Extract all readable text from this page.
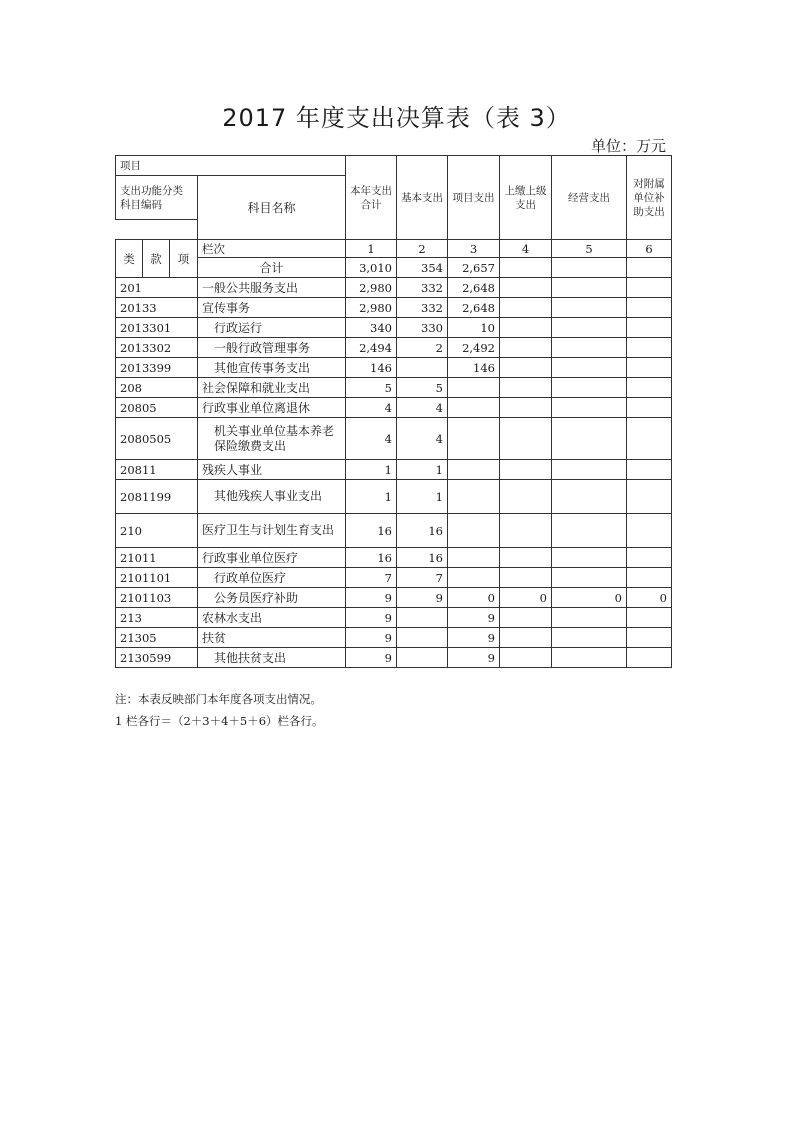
2017 年度支出决算表（表 3）
单位：万元
项目				本年支出合计	基本支出	项目支出	上缴上级支出	经营支出	对附属单位补助支出
支出功能分类科目编码			科目名称						

类	款	项	栏次	1	2	3	4	5	6
			合计	3,010	354	2,657			
201			一般公共服务支出	2,980	332	2,648			
20133			宣传事务	2,980	332	2,648			
2013301			行政运行	340	330	10			
2013302			一般行政管理事务	2,494	2	2,492			
2013399			其他宣传事务支出	146		146			
208			社会保障和就业支出	5	5				
20805			行政事业单位离退休	4	4				
2080505			机关事业单位基本养老保险缴费支出	4	4				
20811			残疾人事业	1	1				
2081199			其他残疾人事业支出	1	1				
210			医疗卫生与计划生育支出	16	16				
21011			行政事业单位医疗	16	16				
2101101			行政单位医疗	7	7				
2101103			公务员医疗补助	9	9	0	0	0	0
213			农林水支出	9		9			
21305			扶贫	9		9			
2130599			其他扶贫支出	9		9			
注：本表反映部门本年度各项支出情况。
1 栏各行＝（2＋3＋4＋5＋6）栏各行。
